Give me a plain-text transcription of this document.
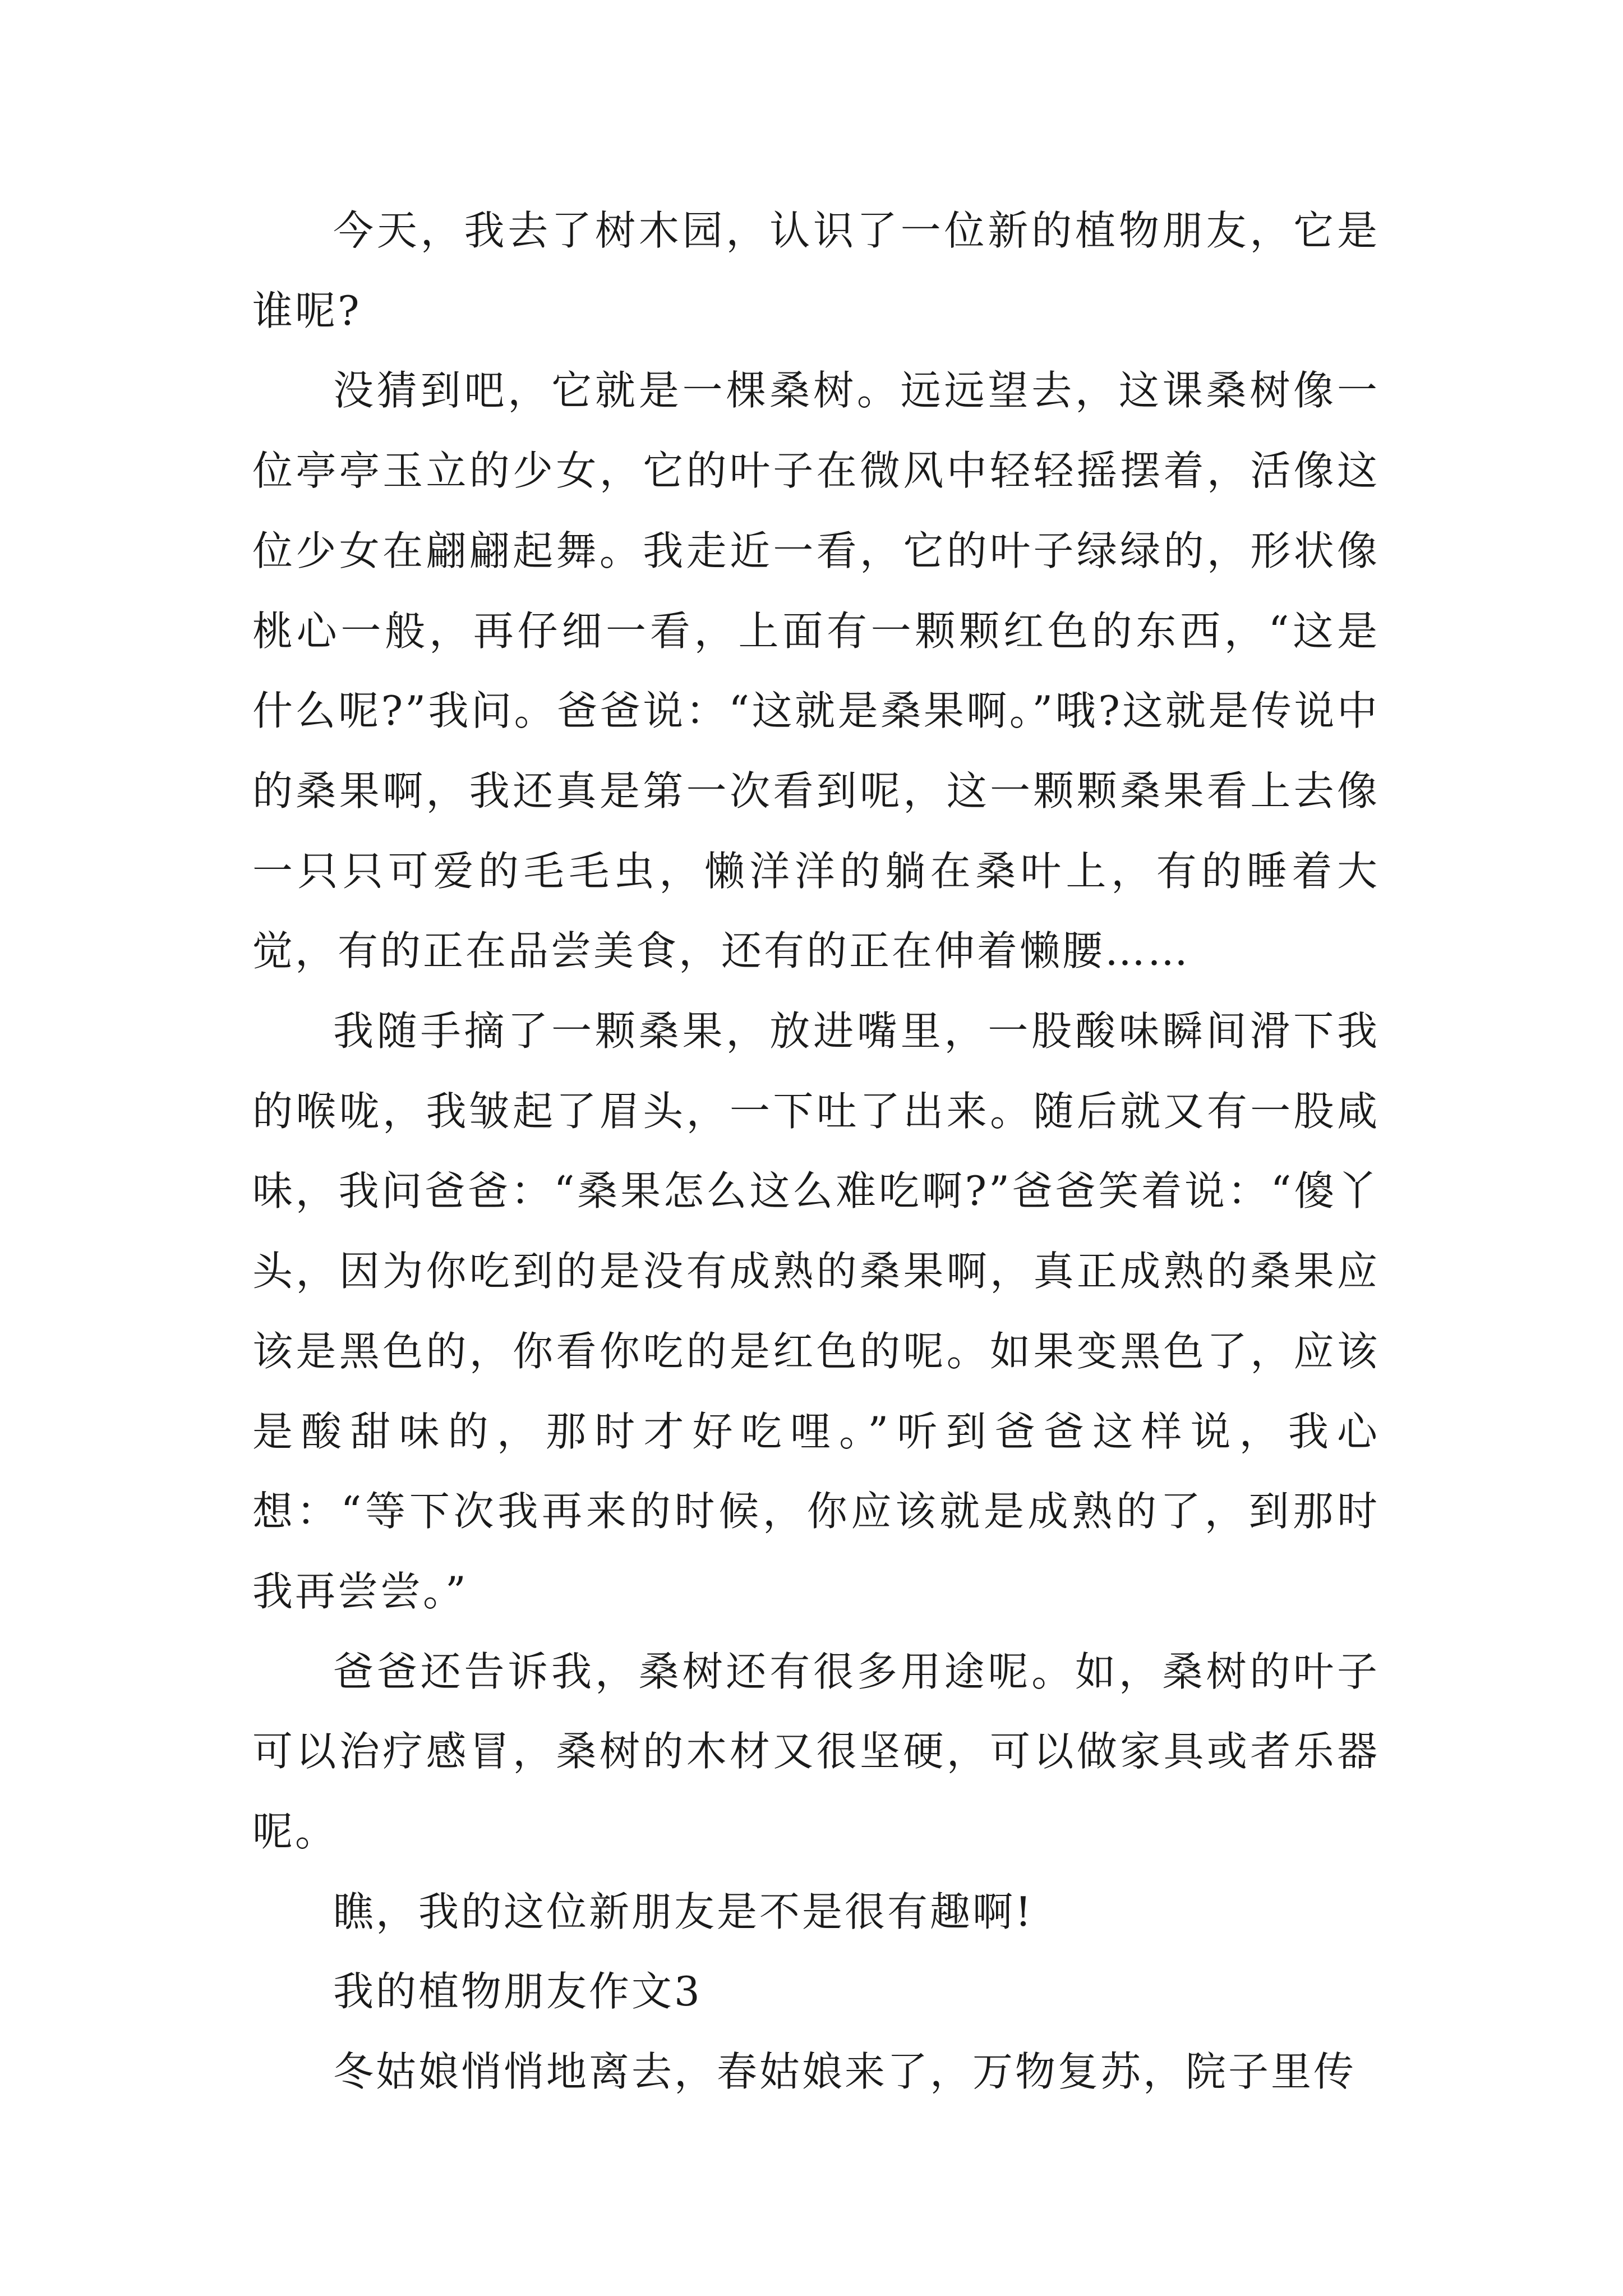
今天，我去了树木园，认识了一位新的植物朋友，它是谁呢?

没猜到吧，它就是一棵桑树。远远望去，这课桑树像一位亭亭玉立的少女，它的叶子在微风中轻轻摇摆着，活像这位少女在翩翩起舞。我走近一看，它的叶子绿绿的，形状像桃心一般，再仔细一看，上面有一颗颗红色的东西，“这是什么呢?”我问。爸爸说：“这就是桑果啊。”哦?这就是传说中的桑果啊，我还真是第一次看到呢，这一颗颗桑果看上去像一只只可爱的毛毛虫，懒洋洋的躺在桑叶上，有的睡着大觉，有的正在品尝美食，还有的正在伸着懒腰……

我随手摘了一颗桑果，放进嘴里，一股酸味瞬间滑下我的喉咙，我皱起了眉头，一下吐了出来。随后就又有一股咸味，我问爸爸：“桑果怎么这么难吃啊?”爸爸笑着说：“傻丫头，因为你吃到的是没有成熟的桑果啊，真正成熟的桑果应该是黑色的，你看你吃的是红色的呢。如果变黑色了，应该是酸甜味的，那时才好吃哩。”听到爸爸这样说，我心想：“等下次我再来的时候，你应该就是成熟的了，到那时我再尝尝。”

爸爸还告诉我，桑树还有很多用途呢。如，桑树的叶子可以治疗感冒，桑树的木材又很坚硬，可以做家具或者乐器呢。

瞧，我的这位新朋友是不是很有趣啊!

我的植物朋友作文3

冬姑娘悄悄地离去，春姑娘来了，万物复苏，院子里传
